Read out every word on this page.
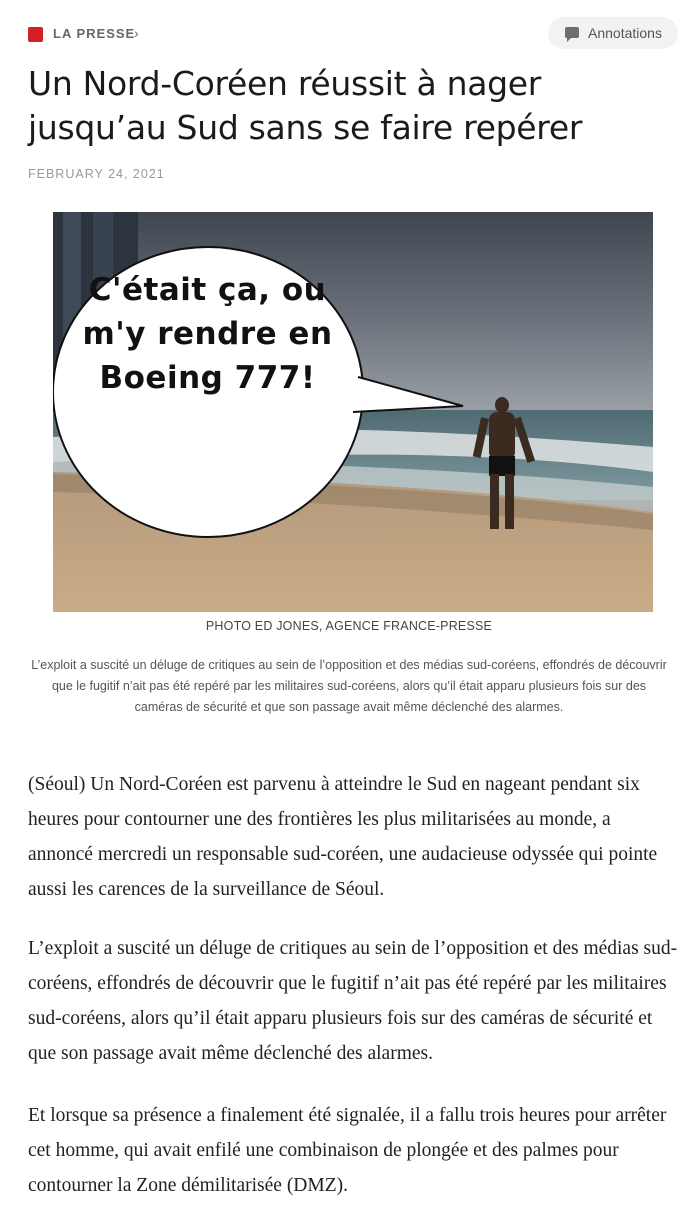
LA PRESSE
›	Annotations
Un Nord-Coréen réussit à nager jusqu’au Sud sans se faire repérer
FEBRUARY 24, 2021
C'était ça, ou m'y rendre en Boeing 777!
PHOTO ED JONES, AGENCE FRANCE-PRESSE
L’exploit a suscité un déluge de critiques au sein de l’opposition et des médias sud-coréens, effondrés de découvrir que le fugitif n’ait pas été repéré par les militaires sud-coréens, alors qu’il était apparu plusieurs fois sur des caméras de sécurité et que son passage avait même déclenché des alarmes.

(Séoul) Un Nord-Coréen est parvenu à atteindre le Sud en nageant pendant six heures pour contourner une des frontières les plus militarisées au monde, a annoncé mercredi un responsable sud-coréen, une audacieuse odyssée qui pointe aussi les carences de la surveillance de Séoul.

L’exploit a suscité un déluge de critiques au sein de l’opposition et des médias sud-coréens, effondrés de découvrir que le fugitif n’ait pas été repéré par les militaires sud-coréens, alors qu’il était apparu plusieurs fois sur des caméras de sécurité et que son passage avait même déclenché des alarmes.

Et lorsque sa présence a finalement été signalée, il a fallu trois heures pour arrêter cet homme, qui avait enfilé une combinaison de plongée et des palmes pour contourner la Zone démilitarisée (DMZ).
